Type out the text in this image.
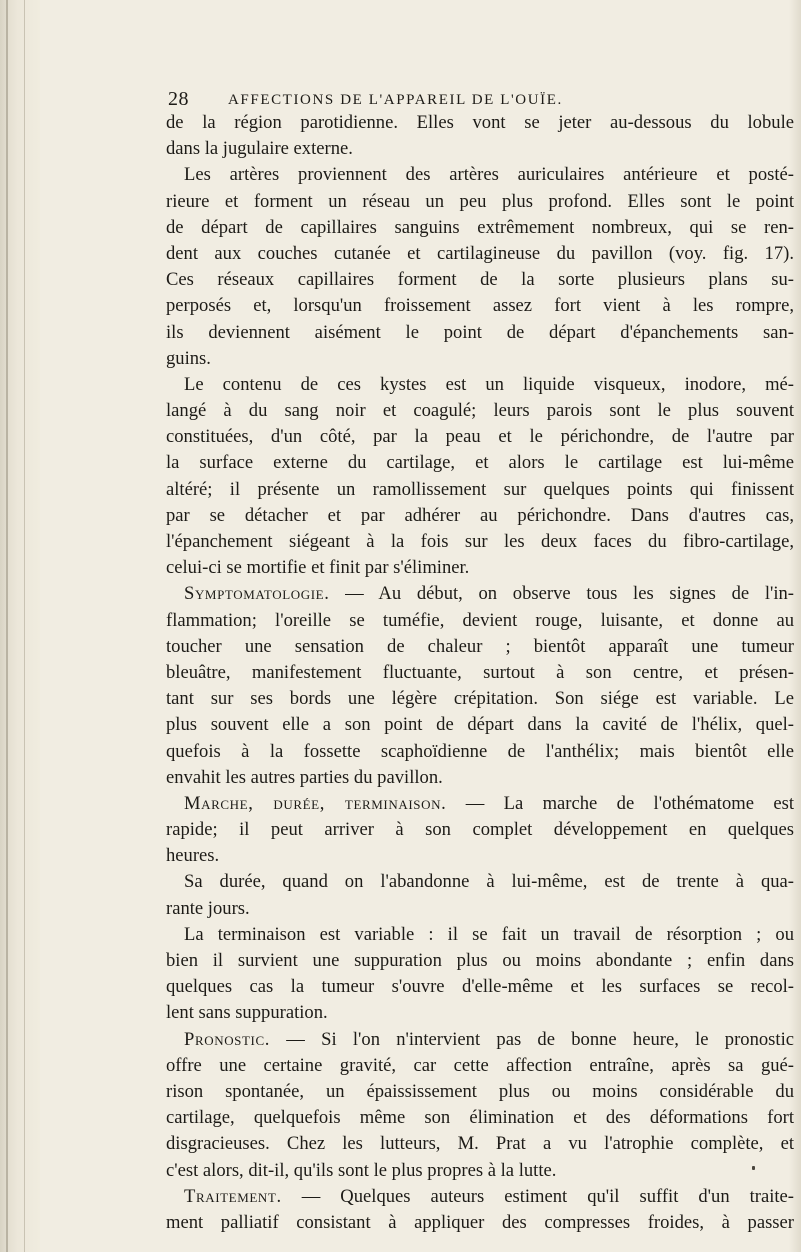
28	AFFECTIONS DE L'APPAREIL DE L'OUÏE.
de la région parotidienne. Elles vont se jeter au-dessous du lobule
dans la jugulaire externe.
Les artères proviennent des artères auriculaires antérieure et posté-
rieure et forment un réseau un peu plus profond. Elles sont le point
de départ de capillaires sanguins extrêmement nombreux, qui se ren-
dent aux couches cutanée et cartilagineuse du pavillon (voy. fig. 17).
Ces réseaux capillaires forment de la sorte plusieurs plans su-
perposés et, lorsqu'un froissement assez fort vient à les rompre,
ils deviennent aisément le point de départ d'épanchements san-
guins.
Le contenu de ces kystes est un liquide visqueux, inodore, mé-
langé à du sang noir et coagulé; leurs parois sont le plus souvent
constituées, d'un côté, par la peau et le périchondre, de l'autre par
la surface externe du cartilage, et alors le cartilage est lui-même
altéré; il présente un ramollissement sur quelques points qui finissent
par se détacher et par adhérer au périchondre. Dans d'autres cas,
l'épanchement siégeant à la fois sur les deux faces du fibro-cartilage,
celui-ci se mortifie et finit par s'éliminer.
Symptomatologie. — Au début, on observe tous les signes de l'in-
flammation; l'oreille se tuméfie, devient rouge, luisante, et donne au
toucher une sensation de chaleur ; bientôt apparaît une tumeur
bleuâtre, manifestement fluctuante, surtout à son centre, et présen-
tant sur ses bords une légère crépitation. Son siége est variable. Le
plus souvent elle a son point de départ dans la cavité de l'hélix, quel-
quefois à la fossette scaphoïdienne de l'anthélix; mais bientôt elle
envahit les autres parties du pavillon.
Marche, durée, terminaison. — La marche de l'othématome est
rapide; il peut arriver à son complet développement en quelques
heures.
Sa durée, quand on l'abandonne à lui-même, est de trente à qua-
rante jours.
La terminaison est variable : il se fait un travail de résorption ; ou
bien il survient une suppuration plus ou moins abondante ; enfin dans
quelques cas la tumeur s'ouvre d'elle-même et les surfaces se recol-
lent sans suppuration.
Pronostic. — Si l'on n'intervient pas de bonne heure, le pronostic
offre une certaine gravité, car cette affection entraîne, après sa gué-
rison spontanée, un épaississement plus ou moins considérable du
cartilage, quelquefois même son élimination et des déformations fort
disgracieuses. Chez les lutteurs, M. Prat a vu l'atrophie complète, et
c'est alors, dit-il, qu'ils sont le plus propres à la lutte.
Traitement. — Quelques auteurs estiment qu'il suffit d'un traite-
ment palliatif consistant à appliquer des compresses froides, à passer
